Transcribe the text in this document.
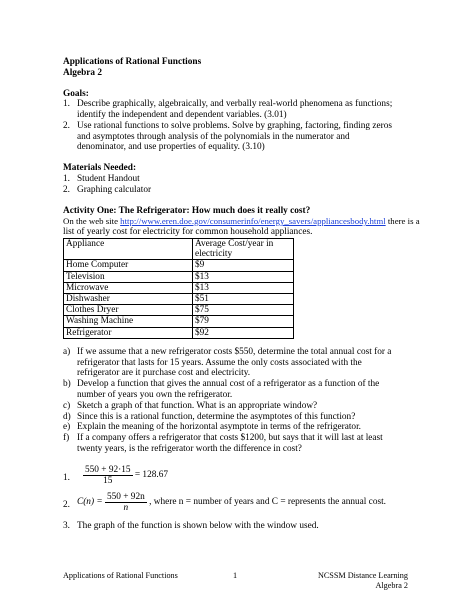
Applications of Rational Functions
Algebra 2
Goals:
1. Describe graphically, algebraically, and verbally real-world phenomena as functions;
identify the independent and dependent variables. (3.01)
2. Use rational functions to solve problems. Solve by graphing, factoring, finding zeros
and asymptotes through analysis of the polynomials in the numerator and
denominator, and use properties of equality. (3.10)
Materials Needed:
1. Student Handout
2. Graphing calculator
Activity One: The Refrigerator: How much does it really cost?
On the web site http://www.eren.doe.gov/consumerinfo/energy_savers/appliancesbody.html there is a
list of yearly cost for electricity for common household appliances.
Appliance	Average Cost/year in
electricity

Home Computer	$9
Television	$13
Microwave	$13
Dishwasher	$51
Clothes Dryer	$75
Washing Machine	$79
Refrigerator	$92
a) If we assume that a new refrigerator costs $550, determine the total annual cost for a
refrigerator that lasts for 15 years. Assume the only costs associated with the
refrigerator are it purchase cost and electricity.
b) Develop a function that gives the annual cost of a refrigerator as a function of the
number of years you own the refrigerator.
c) Sketch a graph of that function. What is an appropriate window?
d) Since this is a rational function, determine the asymptotes of this function?
e) Explain the meaning of the horizontal asymptote in terms of the refrigerator.
f) If a company offers a refrigerator that costs $1200, but says that it will last at least
twenty years, is the refrigerator worth the difference in cost?
1. $\frac{550 + 92\cdot 15}{15} = 128.67$
2. $C(n) = \frac{550 + 92n}{n}$ , where n = number of years and C = represents the annual cost.
3. The graph of the function is shown below with the window used.
Applications of Rational Functions	1	NCSSM Distance Learning
Algebra 2
